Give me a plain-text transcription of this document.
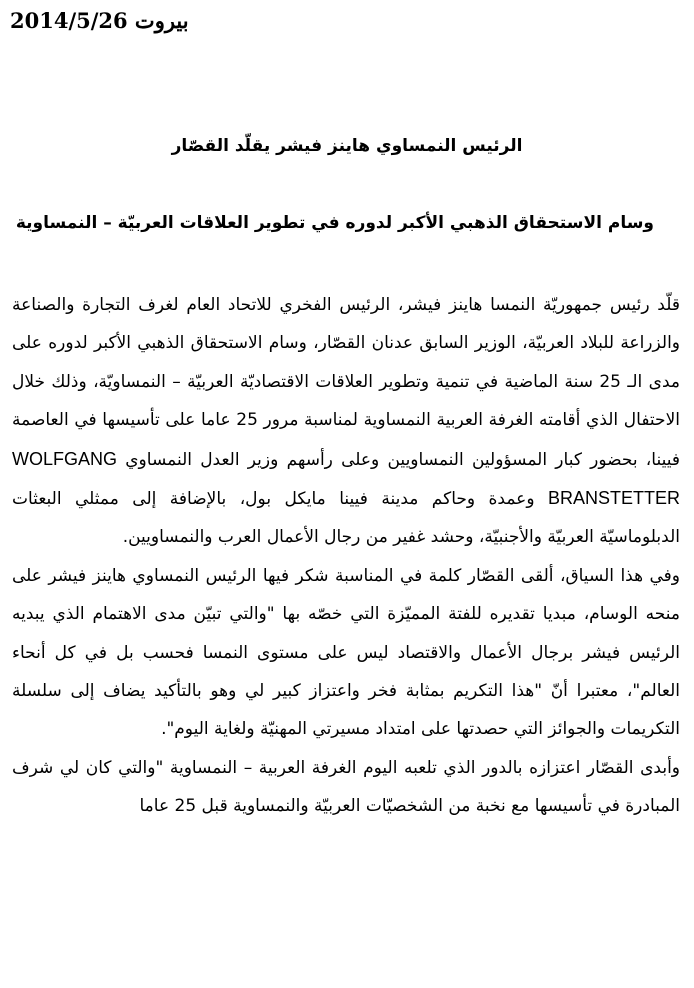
بيروت 2014/5/26
الرئيس النمساوي هاينز فيشر يقلّد القصّار
وسام الاستحقاق الذهبي الأكبر لدوره في تطوير العلاقات العربيّة – النمساوية

قلّد رئيس جمهوريّة النمسا هاينز فيشر، الرئيس الفخري للاتحاد العام لغرف التجارة والصناعة والزراعة للبلاد العربيّة، الوزير السابق عدنان القصّار، وسام الاستحقاق الذهبي الأكبر لدوره على مدى الـ 25 سنة الماضية في تنمية وتطوير العلاقات الاقتصاديّة العربيّة – النمساويّة، وذلك خلال الاحتفال الذي أقامته الغرفة العربية النمساوية لمناسبة مرور 25 عاما على تأسيسها في العاصمة فيينا، بحضور كبار المسؤولين النمساويين وعلى رأسهم وزير العدل النمساوي WOLFGANG BRANSTETTER وعمدة وحاكم مدينة فيينا مايكل بول، بالإضافة إلى ممثلي البعثات الدبلوماسيّة العربيّة والأجنبيّة، وحشد غفير من رجال الأعمال العرب والنمساويين.

وفي هذا السياق، ألقى القصّار كلمة في المناسبة شكر فيها الرئيس النمساوي هاينز فيشر على منحه الوسام، مبديا تقديره للفتة المميّزة التي خصّه بها "والتي تبيّن مدى الاهتمام الذي يبديه الرئيس فيشر برجال الأعمال والاقتصاد ليس على مستوى النمسا فحسب بل في كل أنحاء العالم"، معتبرا أنّ "هذا التكريم بمثابة فخر واعتزاز كبير لي وهو بالتأكيد يضاف إلى سلسلة التكريمات والجوائز التي حصدتها على امتداد مسيرتي المهنيّة ولغاية اليوم".

وأبدى القصّار اعتزازه بالدور الذي تلعبه اليوم الغرفة العربية – النمساوية "والتي كان لي شرف المبادرة في تأسيسها مع نخبة من الشخصيّات العربيّة والنمساوية قبل 25 عاما
